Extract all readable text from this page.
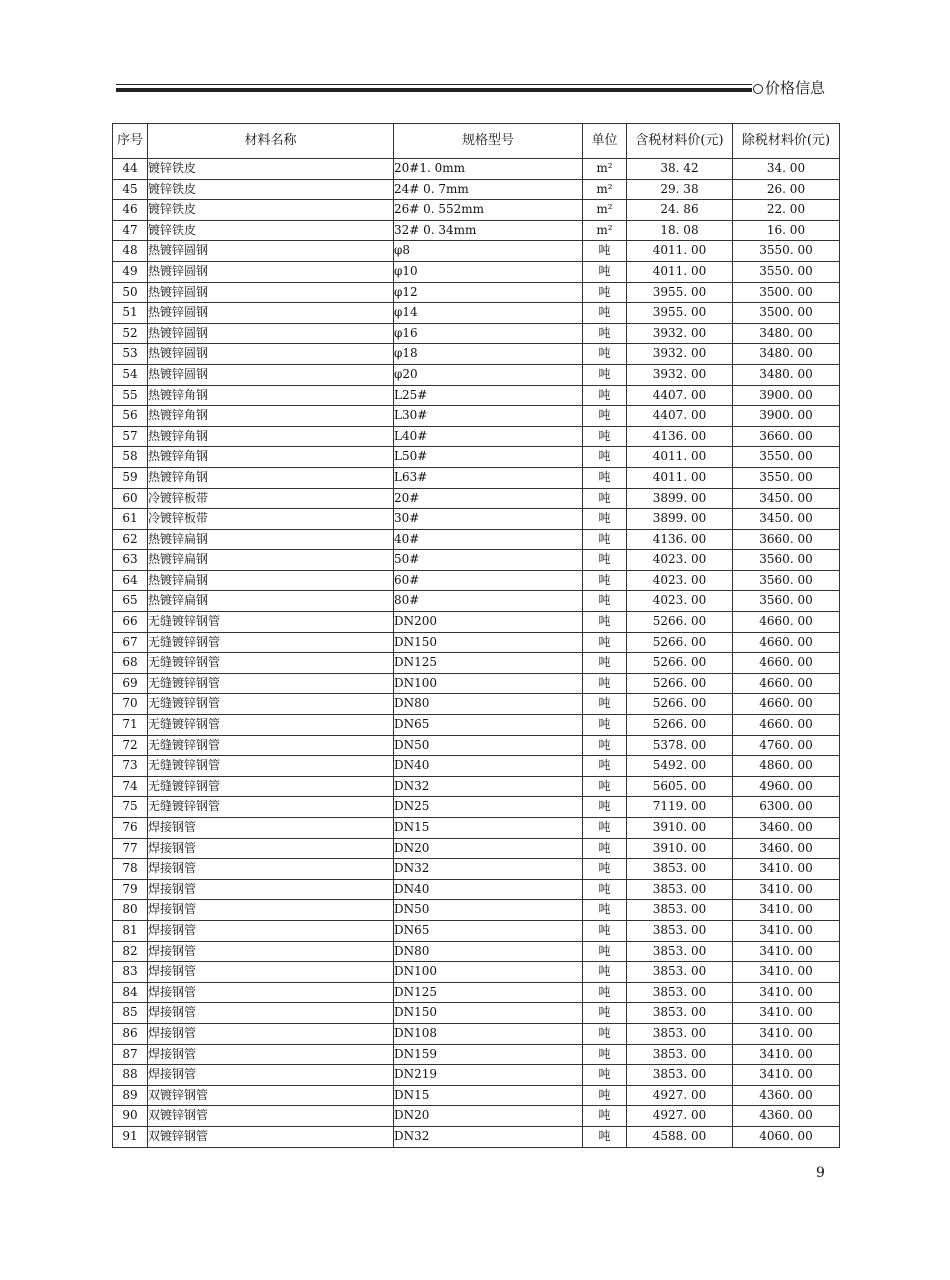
价格信息
序号	材料名称	规格型号	单位	含税材料价(元)	除税材料价(元)
44	镀锌铁皮	20#1. 0mm	m²	38. 42	34. 00
45	镀锌铁皮	24# 0. 7mm	m²	29. 38	26. 00
46	镀锌铁皮	26# 0. 552mm	m²	24. 86	22. 00
47	镀锌铁皮	32# 0. 34mm	m²	18. 08	16. 00
48	热镀锌圆钢	φ8	吨	4011. 00	3550. 00
49	热镀锌圆钢	φ10	吨	4011. 00	3550. 00
50	热镀锌圆钢	φ12	吨	3955. 00	3500. 00
51	热镀锌圆钢	φ14	吨	3955. 00	3500. 00
52	热镀锌圆钢	φ16	吨	3932. 00	3480. 00
53	热镀锌圆钢	φ18	吨	3932. 00	3480. 00
54	热镀锌圆钢	φ20	吨	3932. 00	3480. 00
55	热镀锌角钢	L25#	吨	4407. 00	3900. 00
56	热镀锌角钢	L30#	吨	4407. 00	3900. 00
57	热镀锌角钢	L40#	吨	4136. 00	3660. 00
58	热镀锌角钢	L50#	吨	4011. 00	3550. 00
59	热镀锌角钢	L63#	吨	4011. 00	3550. 00
60	冷镀锌板带	20#	吨	3899. 00	3450. 00
61	冷镀锌板带	30#	吨	3899. 00	3450. 00
62	热镀锌扁钢	40#	吨	4136. 00	3660. 00
63	热镀锌扁钢	50#	吨	4023. 00	3560. 00
64	热镀锌扁钢	60#	吨	4023. 00	3560. 00
65	热镀锌扁钢	80#	吨	4023. 00	3560. 00
66	无缝镀锌钢管	DN200	吨	5266. 00	4660. 00
67	无缝镀锌钢管	DN150	吨	5266. 00	4660. 00
68	无缝镀锌钢管	DN125	吨	5266. 00	4660. 00
69	无缝镀锌钢管	DN100	吨	5266. 00	4660. 00
70	无缝镀锌钢管	DN80	吨	5266. 00	4660. 00
71	无缝镀锌钢管	DN65	吨	5266. 00	4660. 00
72	无缝镀锌钢管	DN50	吨	5378. 00	4760. 00
73	无缝镀锌钢管	DN40	吨	5492. 00	4860. 00
74	无缝镀锌钢管	DN32	吨	5605. 00	4960. 00
75	无缝镀锌钢管	DN25	吨	7119. 00	6300. 00
76	焊接钢管	DN15	吨	3910. 00	3460. 00
77	焊接钢管	DN20	吨	3910. 00	3460. 00
78	焊接钢管	DN32	吨	3853. 00	3410. 00
79	焊接钢管	DN40	吨	3853. 00	3410. 00
80	焊接钢管	DN50	吨	3853. 00	3410. 00
81	焊接钢管	DN65	吨	3853. 00	3410. 00
82	焊接钢管	DN80	吨	3853. 00	3410. 00
83	焊接钢管	DN100	吨	3853. 00	3410. 00
84	焊接钢管	DN125	吨	3853. 00	3410. 00
85	焊接钢管	DN150	吨	3853. 00	3410. 00
86	焊接钢管	DN108	吨	3853. 00	3410. 00
87	焊接钢管	DN159	吨	3853. 00	3410. 00
88	焊接钢管	DN219	吨	3853. 00	3410. 00
89	双镀锌钢管	DN15	吨	4927. 00	4360. 00
90	双镀锌钢管	DN20	吨	4927. 00	4360. 00
91	双镀锌钢管	DN32	吨	4588. 00	4060. 00
9
